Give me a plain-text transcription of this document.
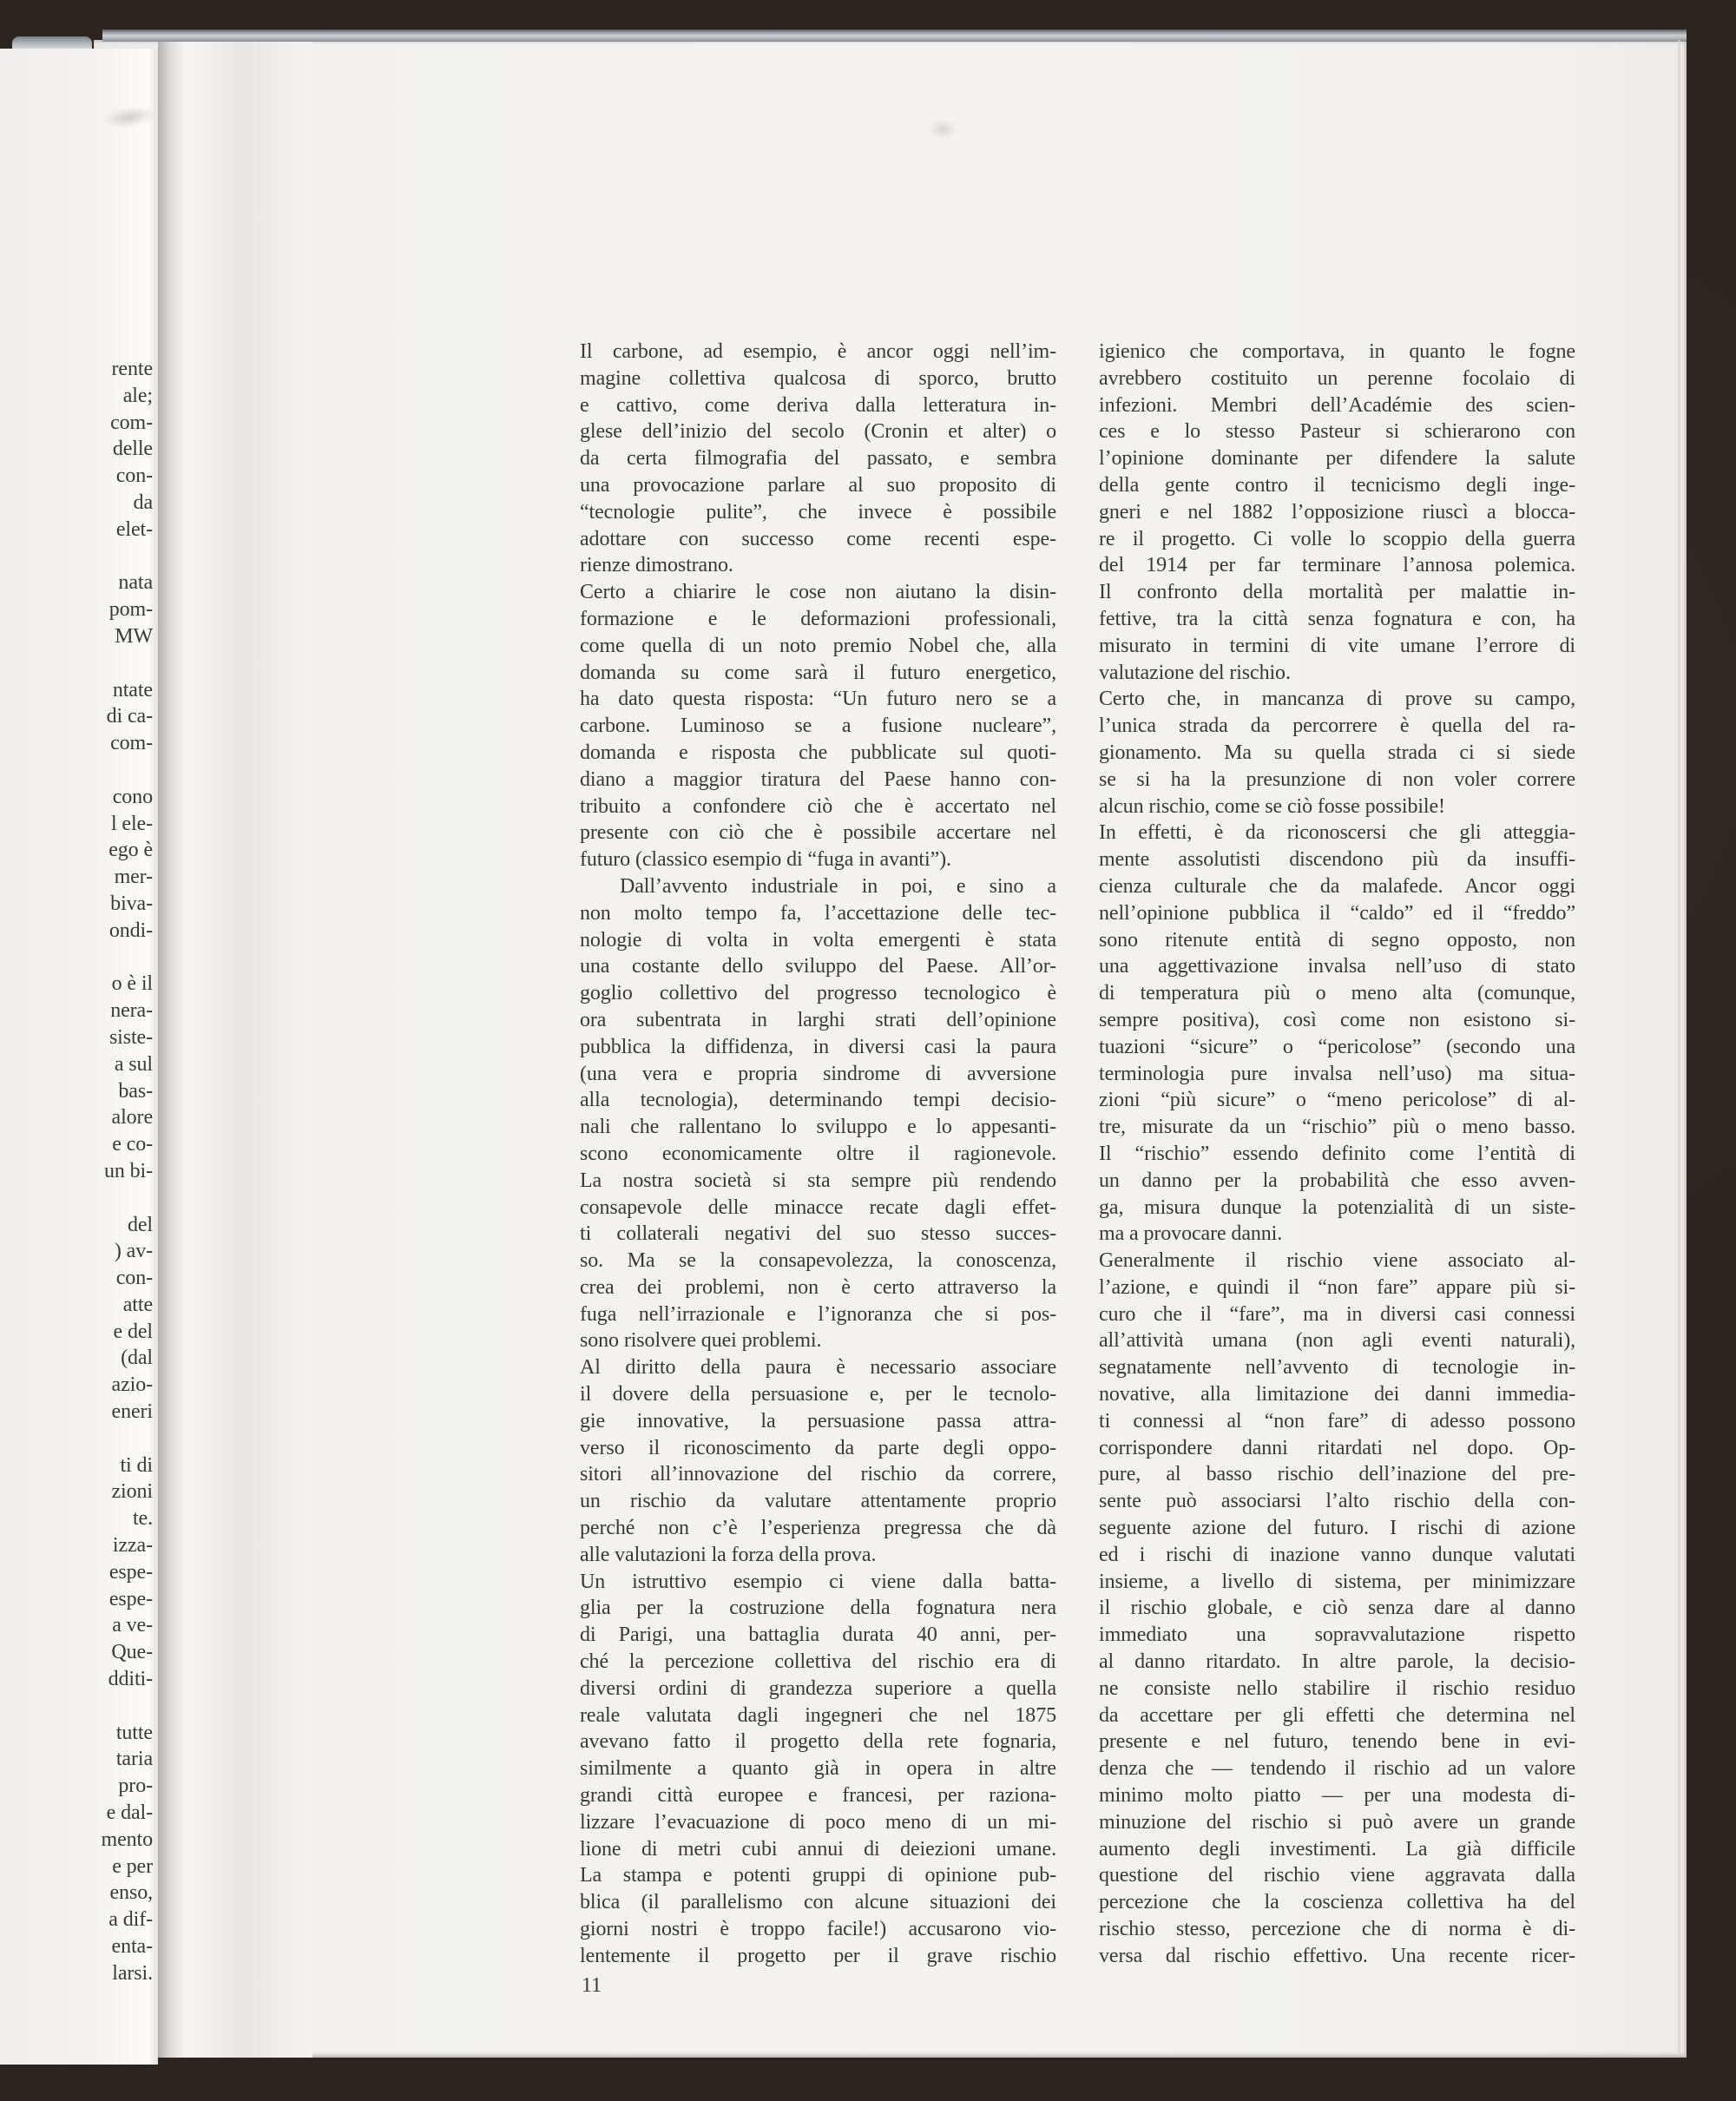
rente
ale;
com-
delle
con-
da
elet-
nata
pom-
MW
ntate
di ca-
com-
cono
l ele-
ego è
mer-
biva-
ondi-
o è il
nera-
siste-
a sul
bas-
alore
e co-
un bi-
del
) av-
con-
atte
e del
(dal
azio-
eneri
ti di
zioni
te.
izza-
espe-
espe-
a ve-
Que-
dditi-
tutte
taria
pro-
e dal-
mento
e per
enso,
a dif-
enta-
larsi.
Il carbone, ad esempio, è ancor oggi nell’im-
magine collettiva qualcosa di sporco, brutto
e cattivo, come deriva dalla letteratura in-
glese dell’inizio del secolo (Cronin et alter) o
da certa filmografia del passato, e sembra
una provocazione parlare al suo proposito di
“tecnologie pulite”, che invece è possibile
adottare con successo come recenti espe-
rienze dimostrano.
Certo a chiarire le cose non aiutano la disin-
formazione e le deformazioni professionali,
come quella di un noto premio Nobel che, alla
domanda su come sarà il futuro energetico,
ha dato questa risposta: “Un futuro nero se a
carbone. Luminoso se a fusione nucleare”,
domanda e risposta che pubblicate sul quoti-
diano a maggior tiratura del Paese hanno con-
tribuito a confondere ciò che è accertato nel
presente con ciò che è possibile accertare nel
futuro (classico esempio di “fuga in avanti”).
Dall’avvento industriale in poi, e sino a
non molto tempo fa, l’accettazione delle tec-
nologie di volta in volta emergenti è stata
una costante dello sviluppo del Paese. All’or-
goglio collettivo del progresso tecnologico è
ora subentrata in larghi strati dell’opinione
pubblica la diffidenza, in diversi casi la paura
(una vera e propria sindrome di avversione
alla tecnologia), determinando tempi decisio-
nali che rallentano lo sviluppo e lo appesanti-
scono economicamente oltre il ragionevole.
La nostra società si sta sempre più rendendo
consapevole delle minacce recate dagli effet-
ti collaterali negativi del suo stesso succes-
so. Ma se la consapevolezza, la conoscenza,
crea dei problemi, non è certo attraverso la
fuga nell’irrazionale e l’ignoranza che si pos-
sono risolvere quei problemi.
Al diritto della paura è necessario associare
il dovere della persuasione e, per le tecnolo-
gie innovative, la persuasione passa attra-
verso il riconoscimento da parte degli oppo-
sitori all’innovazione del rischio da correre,
un rischio da valutare attentamente proprio
perché non c’è l’esperienza pregressa che dà
alle valutazioni la forza della prova.
Un istruttivo esempio ci viene dalla batta-
glia per la costruzione della fognatura nera
di Parigi, una battaglia durata 40 anni, per-
ché la percezione collettiva del rischio era di
diversi ordini di grandezza superiore a quella
reale valutata dagli ingegneri che nel 1875
avevano fatto il progetto della rete fognaria,
similmente a quanto già in opera in altre
grandi città europee e francesi, per raziona-
lizzare l’evacuazione di poco meno di un mi-
lione di metri cubi annui di deiezioni umane.
La stampa e potenti gruppi di opinione pub-
blica (il parallelismo con alcune situazioni dei
giorni nostri è troppo facile!) accusarono vio-
lentemente il progetto per il grave rischio
igienico che comportava, in quanto le fogne
avrebbero costituito un perenne focolaio di
infezioni. Membri dell’Académie des scien-
ces e lo stesso Pasteur si schierarono con
l’opinione dominante per difendere la salute
della gente contro il tecnicismo degli inge-
gneri e nel 1882 l’opposizione riuscì a blocca-
re il progetto. Ci volle lo scoppio della guerra
del 1914 per far terminare l’annosa polemica.
Il confronto della mortalità per malattie in-
fettive, tra la città senza fognatura e con, ha
misurato in termini di vite umane l’errore di
valutazione del rischio.
Certo che, in mancanza di prove su campo,
l’unica strada da percorrere è quella del ra-
gionamento. Ma su quella strada ci si siede
se si ha la presunzione di non voler correre
alcun rischio, come se ciò fosse possibile!
In effetti, è da riconoscersi che gli atteggia-
mente assolutisti discendono più da insuffi-
cienza culturale che da malafede. Ancor oggi
nell’opinione pubblica il “caldo” ed il “freddo”
sono ritenute entità di segno opposto, non
una aggettivazione invalsa nell’uso di stato
di temperatura più o meno alta (comunque,
sempre positiva), così come non esistono si-
tuazioni “sicure” o “pericolose” (secondo una
terminologia pure invalsa nell’uso) ma situa-
zioni “più sicure” o “meno pericolose” di al-
tre, misurate da un “rischio” più o meno basso.
Il “rischio” essendo definito come l’entità di
un danno per la probabilità che esso avven-
ga, misura dunque la potenzialità di un siste-
ma a provocare danni.
Generalmente il rischio viene associato al-
l’azione, e quindi il “non fare” appare più si-
curo che il “fare”, ma in diversi casi connessi
all’attività umana (non agli eventi naturali),
segnatamente nell’avvento di tecnologie in-
novative, alla limitazione dei danni immedia-
ti connessi al “non fare” di adesso possono
corrispondere danni ritardati nel dopo. Op-
pure, al basso rischio dell’inazione del pre-
sente può associarsi l’alto rischio della con-
seguente azione del futuro. I rischi di azione
ed i rischi di inazione vanno dunque valutati
insieme, a livello di sistema, per minimizzare
il rischio globale, e ciò senza dare al danno
immediato una sopravvalutazione rispetto
al danno ritardato. In altre parole, la decisio-
ne consiste nello stabilire il rischio residuo
da accettare per gli effetti che determina nel
presente e nel futuro, tenendo bene in evi-
denza che — tendendo il rischio ad un valore
minimo molto piatto — per una modesta di-
minuzione del rischio si può avere un grande
aumento degli investimenti. La già difficile
questione del rischio viene aggravata dalla
percezione che la coscienza collettiva ha del
rischio stesso, percezione che di norma è di-
versa dal rischio effettivo. Una recente ricer-
11
